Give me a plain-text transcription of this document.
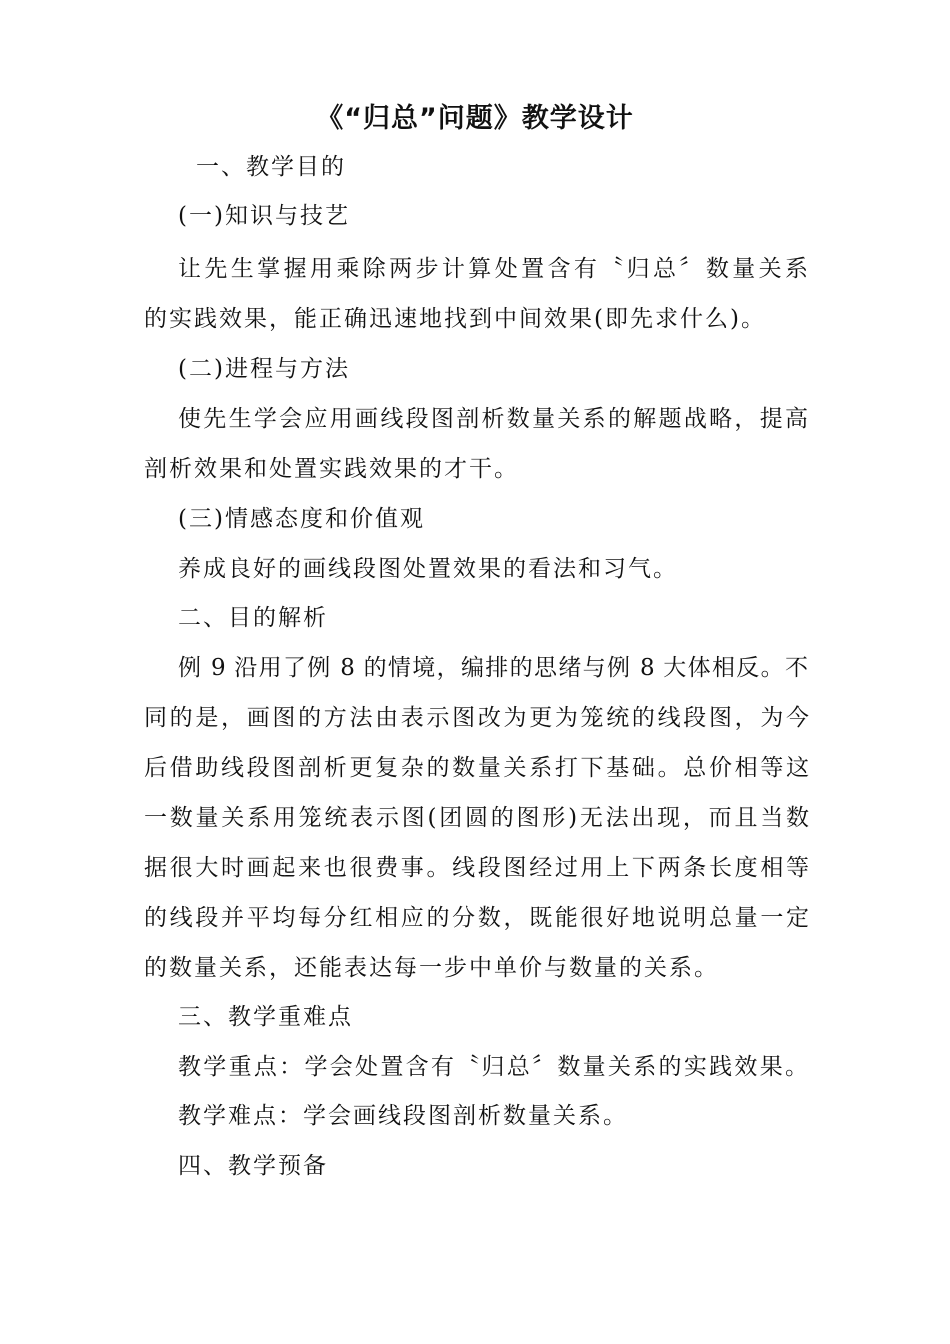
《“归总”问题》教学设计
一、教学目的
(一)知识与技艺
让先生掌握用乘除两步计算处置含有〝归总〞数量关系
的实践效果，能正确迅速地找到中间效果(即先求什么)。
(二)进程与方法
使先生学会应用画线段图剖析数量关系的解题战略，提高
剖析效果和处置实践效果的才干。
(三)情感态度和价值观
养成良好的画线段图处置效果的看法和习气。
二、目的解析
例 9 沿用了例 8 的情境，编排的思绪与例 8 大体相反。不
同的是，画图的方法由表示图改为更为笼统的线段图，为今
后借助线段图剖析更复杂的数量关系打下基础。总价相等这
一数量关系用笼统表示图(团圆的图形)无法出现，而且当数
据很大时画起来也很费事。线段图经过用上下两条长度相等
的线段并平均每分红相应的分数，既能很好地说明总量一定
的数量关系，还能表达每一步中单价与数量的关系。
三、教学重难点
教学重点：学会处置含有〝归总〞数量关系的实践效果。
教学难点：学会画线段图剖析数量关系。
四、教学预备
